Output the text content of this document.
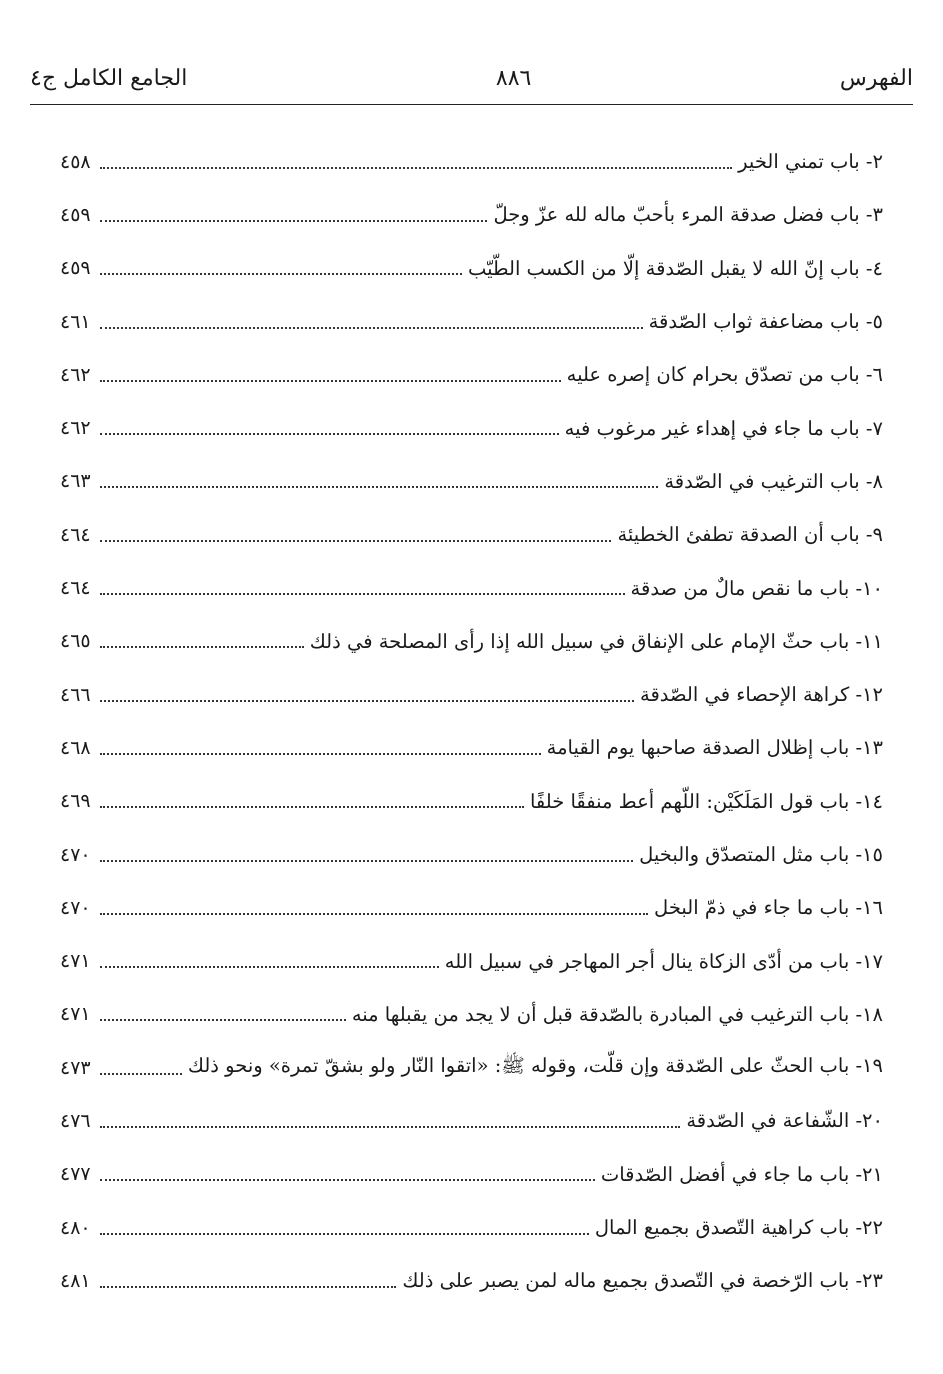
الفهرس
٨٨٦
الجامع الكامل ج٤
٢- باب تمني الخير
٤٥٨
٣- باب فضل صدقة المرء بأحبّ ماله لله عزّ وجلّ
٤٥٩
٤- باب إنّ الله لا يقبل الصّدقة إلّا من الكسب الطّيّب
٤٥٩
٥- باب مضاعفة ثواب الصّدقة
٤٦١
٦- باب من تصدّق بحرام كان إصره عليه
٤٦٢
٧- باب ما جاء في إهداء غير مرغوب فيه
٤٦٢
٨- باب الترغيب في الصّدقة
٤٦٣
٩- باب أن الصدقة تطفئ الخطيئة
٤٦٤
١٠- باب ما نقص مالٌ من صدقة
٤٦٤
١١- باب حثّ الإمام على الإنفاق في سبيل الله إذا رأى المصلحة في ذلك
٤٦٥
١٢- كراهة الإحصاء في الصّدقة
٤٦٦
١٣- باب إظلال الصدقة صاحبها يوم القيامة
٤٦٨
١٤- باب قول المَلَكَيْن: اللّهم أعط منفقًا خلفًا
٤٦٩
١٥- باب مثل المتصدّق والبخيل
٤٧٠
١٦- باب ما جاء في ذمّ البخل
٤٧٠
١٧- باب من أدّى الزكاة ينال أجر المهاجر في سبيل الله
٤٧١
١٨- باب الترغيب في المبادرة بالصّدقة قبل أن لا يجد من يقبلها منه
٤٧١
١٩- باب الحثّ على الصّدقة وإن قلّت، وقوله ﷺ: «اتقوا النّار ولو بشقّ تمرة» ونحو ذلك
٤٧٣
٢٠- الشّفاعة في الصّدقة
٤٧٦
٢١- باب ما جاء في أفضل الصّدقات
٤٧٧
٢٢- باب كراهية التّصدق بجميع المال
٤٨٠
٢٣- باب الرّخصة في التّصدق بجميع ماله لمن يصبر على ذلك
٤٨١
